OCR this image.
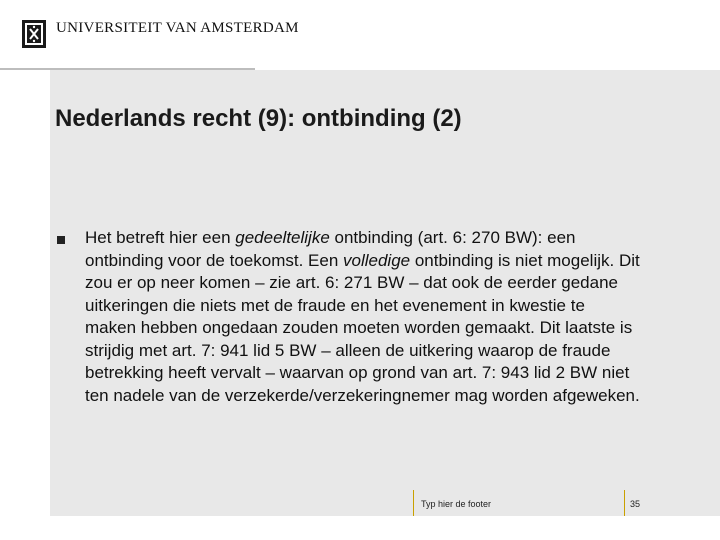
UNIVERSITEIT VAN AMSTERDAM
Nederlands recht (9): ontbinding (2)

Het betreft hier een gedeeltelijke ontbinding (art. 6: 270 BW): een ontbinding voor de toekomst. Een volledige ontbinding is niet mogelijk. Dit zou er op neer komen – zie art. 6: 271 BW – dat ook de eerder gedane uitkeringen die niets met de fraude en het evenement in kwestie te maken hebben ongedaan zouden moeten worden gemaakt. Dit laatste is strijdig met art. 7: 941 lid 5 BW – alleen de uitkering waarop de fraude betrekking heeft vervalt – waarvan op grond van art. 7: 943 lid 2 BW niet ten nadele van de verzekerde/verzekeringnemer mag worden afgeweken.

Typ hier de footer	35
